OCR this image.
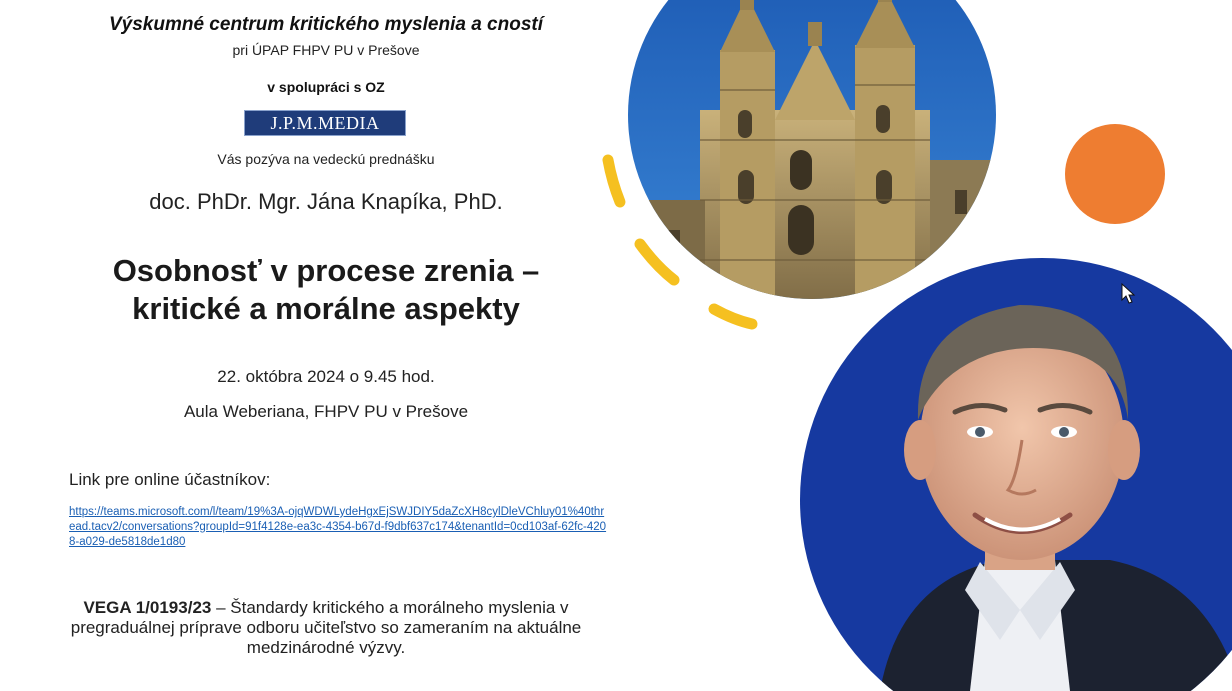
Výskumné centrum kritického myslenia a cností
pri ÚPAP FHPV PU v Prešove
v spolupráci s OZ
J.P.M.MEDIA
Vás pozýva na vedeckú prednášku
doc. PhDr. Mgr. Jána Knapíka, PhD.
Osobnosť v procese zrenia –
kritické a morálne aspekty
22. októbra 2024 o 9.45 hod.
Aula Weberiana, FHPV PU v Prešove
Link pre online účastníkov:
https://teams.microsoft.com/l/team/19%3A-ojqWDWLydeHgxEjSWJDIY5daZcXH8cylDleVChluy01%40thread.tacv2/conversations?groupId=91f4128e-ea3c-4354-b67d-f9dbf637c174&tenantId=0cd103af-62fc-4208-a029-de5818de1d80
VEGA 1/0193/23 – Štandardy kritického a morálneho myslenia v pregraduálnej príprave odboru učiteľstvo so zameraním na aktuálne medzinárodné výzvy.
